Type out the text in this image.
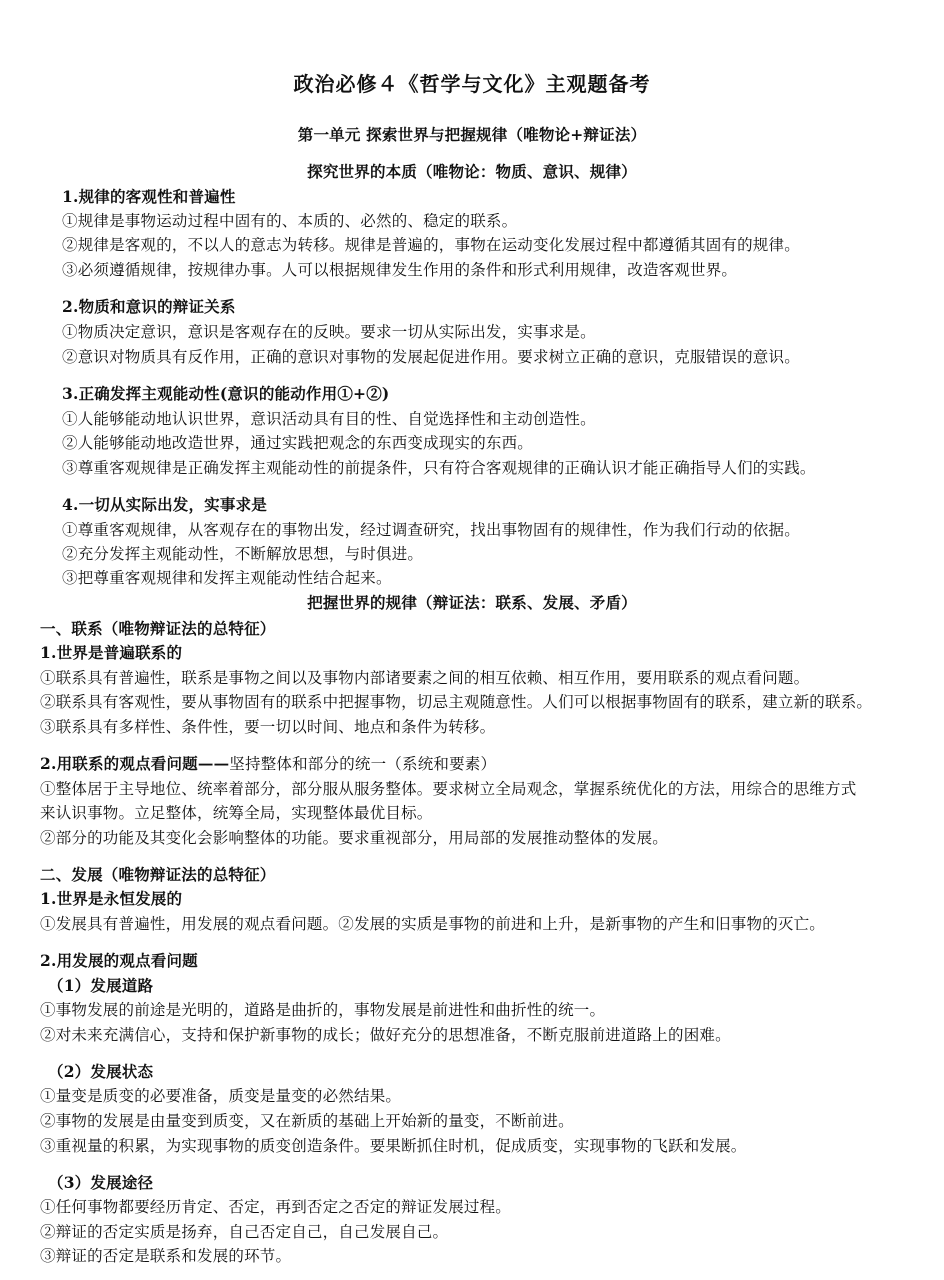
政治必修４《哲学与文化》主观题备考
第一单元 探索世界与把握规律（唯物论+辩证法）
探究世界的本质（唯物论：物质、意识、规律）
1.规律的客观性和普遍性
①规律是事物运动过程中固有的、本质的、必然的、稳定的联系。
②规律是客观的，不以人的意志为转移。规律是普遍的，事物在运动变化发展过程中都遵循其固有的规律。
③必须遵循规律，按规律办事。人可以根据规律发生作用的条件和形式利用规律，改造客观世界。
2.物质和意识的辩证关系
①物质决定意识，意识是客观存在的反映。要求一切从实际出发，实事求是。
②意识对物质具有反作用，正确的意识对事物的发展起促进作用。要求树立正确的意识，克服错误的意识。
3.正确发挥主观能动性(意识的能动作用①+②)
①人能够能动地认识世界，意识活动具有目的性、自觉选择性和主动创造性。
②人能够能动地改造世界，通过实践把观念的东西变成现实的东西。
③尊重客观规律是正确发挥主观能动性的前提条件，只有符合客观规律的正确认识才能正确指导人们的实践。
4.一切从实际出发，实事求是
①尊重客观规律，从客观存在的事物出发，经过调查研究，找出事物固有的规律性，作为我们行动的依据。
②充分发挥主观能动性，不断解放思想，与时俱进。
③把尊重客观规律和发挥主观能动性结合起来。
把握世界的规律（辩证法：联系、发展、矛盾）
一、联系（唯物辩证法的总特征）
1.世界是普遍联系的
①联系具有普遍性，联系是事物之间以及事物内部诸要素之间的相互依赖、相互作用，要用联系的观点看问题。
②联系具有客观性，要从事物固有的联系中把握事物，切忌主观随意性。人们可以根据事物固有的联系，建立新的联系。
③联系具有多样性、条件性，要一切以时间、地点和条件为转移。
2.用联系的观点看问题——坚持整体和部分的统一（系统和要素）
①整体居于主导地位、统率着部分，部分服从服务整体。要求树立全局观念，掌握系统优化的方法，用综合的思维方式
来认识事物。立足整体，统筹全局，实现整体最优目标。
②部分的功能及其变化会影响整体的功能。要求重视部分，用局部的发展推动整体的发展。
二、发展（唯物辩证法的总特征）
1.世界是永恒发展的
①发展具有普遍性，用发展的观点看问题。②发展的实质是事物的前进和上升，是新事物的产生和旧事物的灭亡。
2.用发展的观点看问题
（1）发展道路
①事物发展的前途是光明的，道路是曲折的，事物发展是前进性和曲折性的统一。
②对未来充满信心，支持和保护新事物的成长；做好充分的思想准备，不断克服前进道路上的困难。
（2）发展状态
①量变是质变的必要准备，质变是量变的必然结果。
②事物的发展是由量变到质变，又在新质的基础上开始新的量变，不断前进。
③重视量的积累，为实现事物的质变创造条件。要果断抓住时机，促成质变，实现事物的飞跃和发展。
（3）发展途径
①任何事物都要经历肯定、否定，再到否定之否定的辩证发展过程。
②辩证的否定实质是扬弃，自己否定自己，自己发展自己。
③辩证的否定是联系和发展的环节。
